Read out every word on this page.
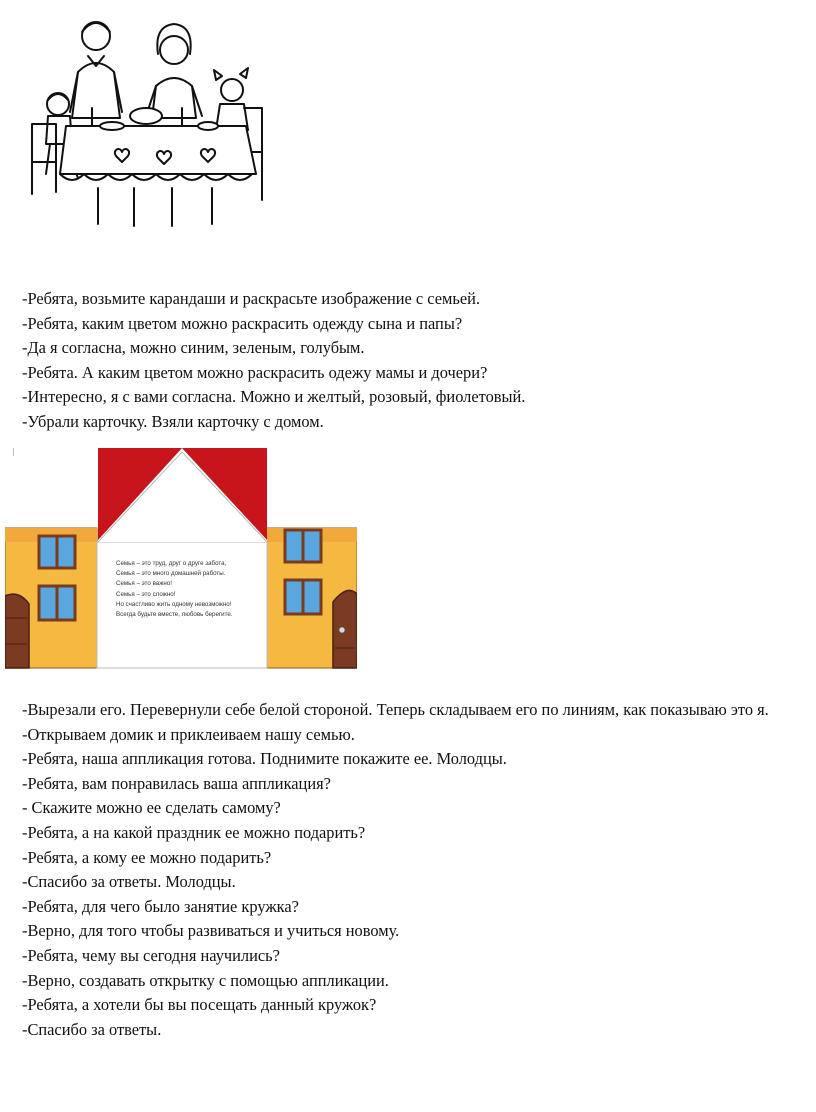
-Ребята, возьмите карандаши и раскрасьте изображение с семьей.

-Ребята, каким цветом можно раскрасить одежду сына и папы?

-Да я согласна, можно синим, зеленым, голубым.

-Ребята. А каким цветом можно раскрасить одежу мамы и дочери?

-Интересно, я с вами согласна. Можно и желтый, розовый, фиолетовый.

-Убрали карточку. Взяли карточку с домом.

Семья – это труд, друг о друге забота,
Семья – это много домашней работы.
Семья – это важно!
Семья – это сложно!
Но счастливо жить одному невозможно!
Всегда будьте вместе, любовь берегите.

-Вырезали его. Перевернули себе белой стороной. Теперь складываем его по линиям, как показываю это я.

-Открываем домик и приклеиваем нашу семью.

-Ребята, наша аппликация готова. Поднимите покажите ее. Молодцы.

-Ребята, вам понравилась ваша аппликация?

- Скажите можно ее сделать самому?

-Ребята, а на какой праздник ее можно подарить?

-Ребята, а кому ее можно подарить?

-Спасибо за ответы. Молодцы.

-Ребята, для чего было занятие кружка?

-Верно, для того чтобы развиваться и учиться новому.

-Ребята, чему вы сегодня научились?

-Верно, создавать открытку с помощью аппликации.

-Ребята, а хотели бы вы посещать данный кружок?

-Спасибо за ответы.
